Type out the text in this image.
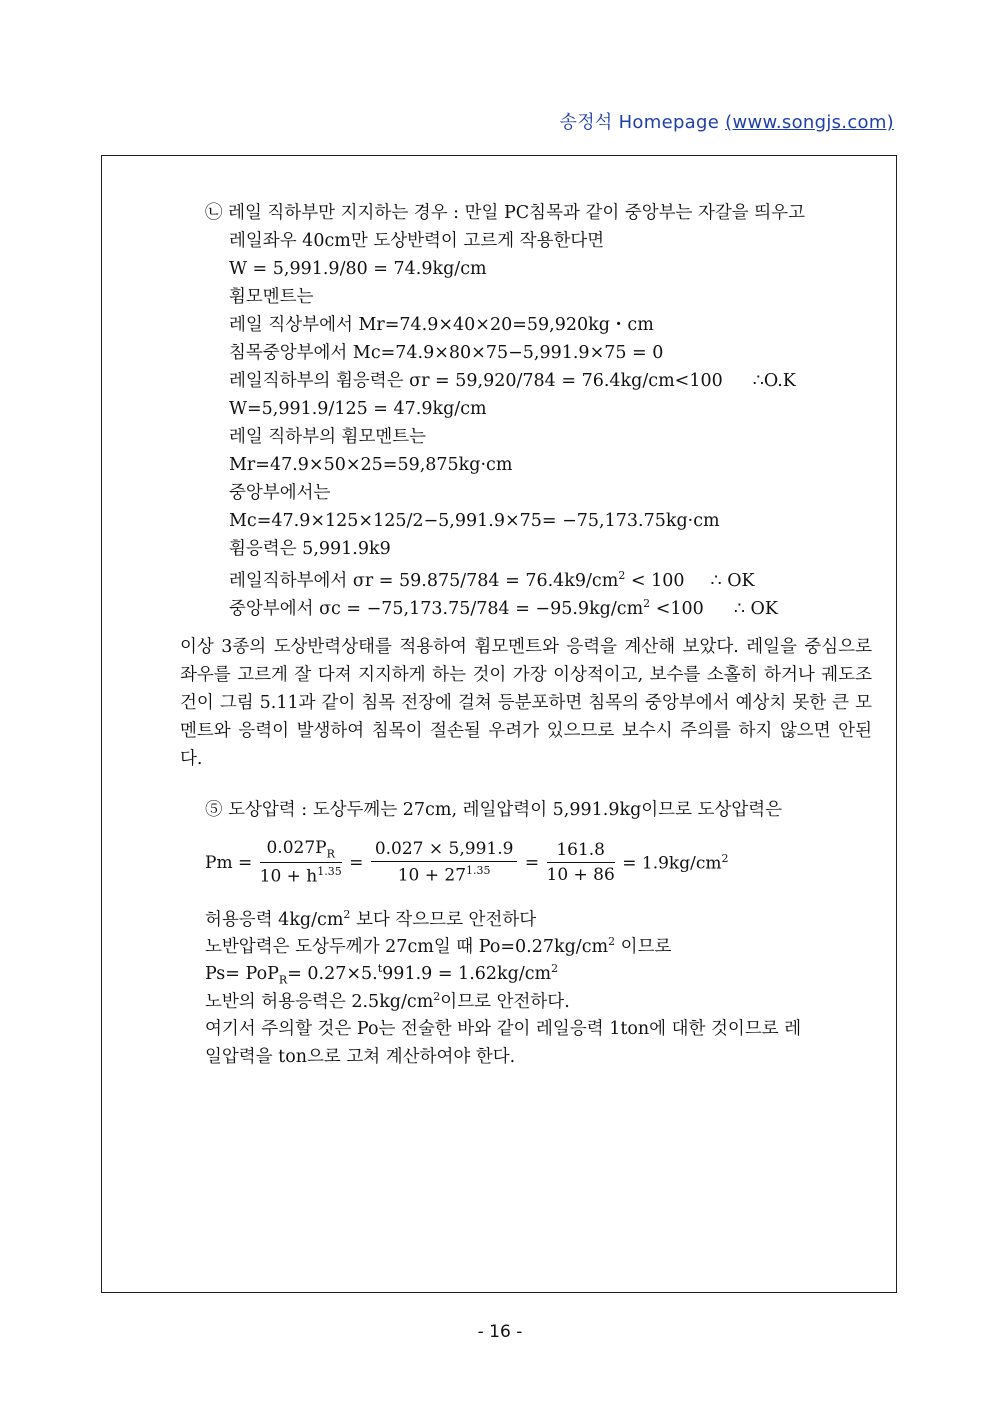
송정석 Homepage (www.songjs.com)
㉡ 레일 직하부만 지지하는 경우 : 만일 PC침목과 같이 중앙부는 자갈을 띄우고
레일좌우 40cm만 도상반력이 고르게 작용한다면
W = 5,991.9/80 = 74.9kg/cm
휨모멘트는
레일 직상부에서 Mr=74.9×40×20=59,920kg・cm
침목중앙부에서 Mc=74.9×80×75−5,991.9×75 = 0
레일직하부의 휨응력은 σr = 59,920/784 = 76.4kg/cm<100 ∴O.K
W=5,991.9/125 = 47.9kg/cm
레일 직하부의 휨모멘트는
Mr=47.9×50×25=59,875kg·cm
중앙부에서는
Mc=47.9×125×125/2−5,991.9×75= −75,173.75kg·cm
휨응력은 5,991.9k9
레일직하부에서 $\sigma r = 59.875/784 = 76.4k9/cm^2 < 100$ ∴ OK
중앙부에서 $\sigma c = -75,173.75/784 = -95.9kg/cm^2 <100$ ∴ OK
이상 3종의 도상반력상태를 적용하여 휨모멘트와 응력을 계산해 보았다. 레일을 중심으로 좌우를 고르게 잘 다져 지지하게 하는 것이 가장 이상적이고, 보수를 소홀히 하거나 궤도조건이 그림 5.11과 같이 침목 전장에 걸쳐 등분포하면 침목의 중앙부에서 예상치 못한 큰 모멘트와 응력이 발생하여 침목이 절손될 우려가 있으므로 보수시 주의를 하지 않으면 안된다.
⑤ 도상압력 : 도상두께는 27cm, 레일압력이 5,991.9kg이므로 도상압력은
$Pm = \frac{0.027P_R}{10 + h^{1.35}} = \frac{0.027 \times 5,991.9}{10 + 27^{1.35}} = \frac{161.8}{10 + 86} = 1.9kg/cm^2$
허용응력 $4kg/cm^2$ 보다 작으므로 안전하다
노반압력은 도상두께가 27cm일 때 $Po=0.27kg/cm^2$ 이므로
$Ps= PoP_R= 0.27\times 5.^t991.9 = 1.62kg/cm^2$
노반의 허용응력은 $2.5kg/cm^2$이므로 안전하다.
여기서 주의할 것은 Po는 전술한 바와 같이 레일응력 1ton에 대한 것이므로 레
일압력을 ton으로 고쳐 계산하여야 한다.
- 16 -
